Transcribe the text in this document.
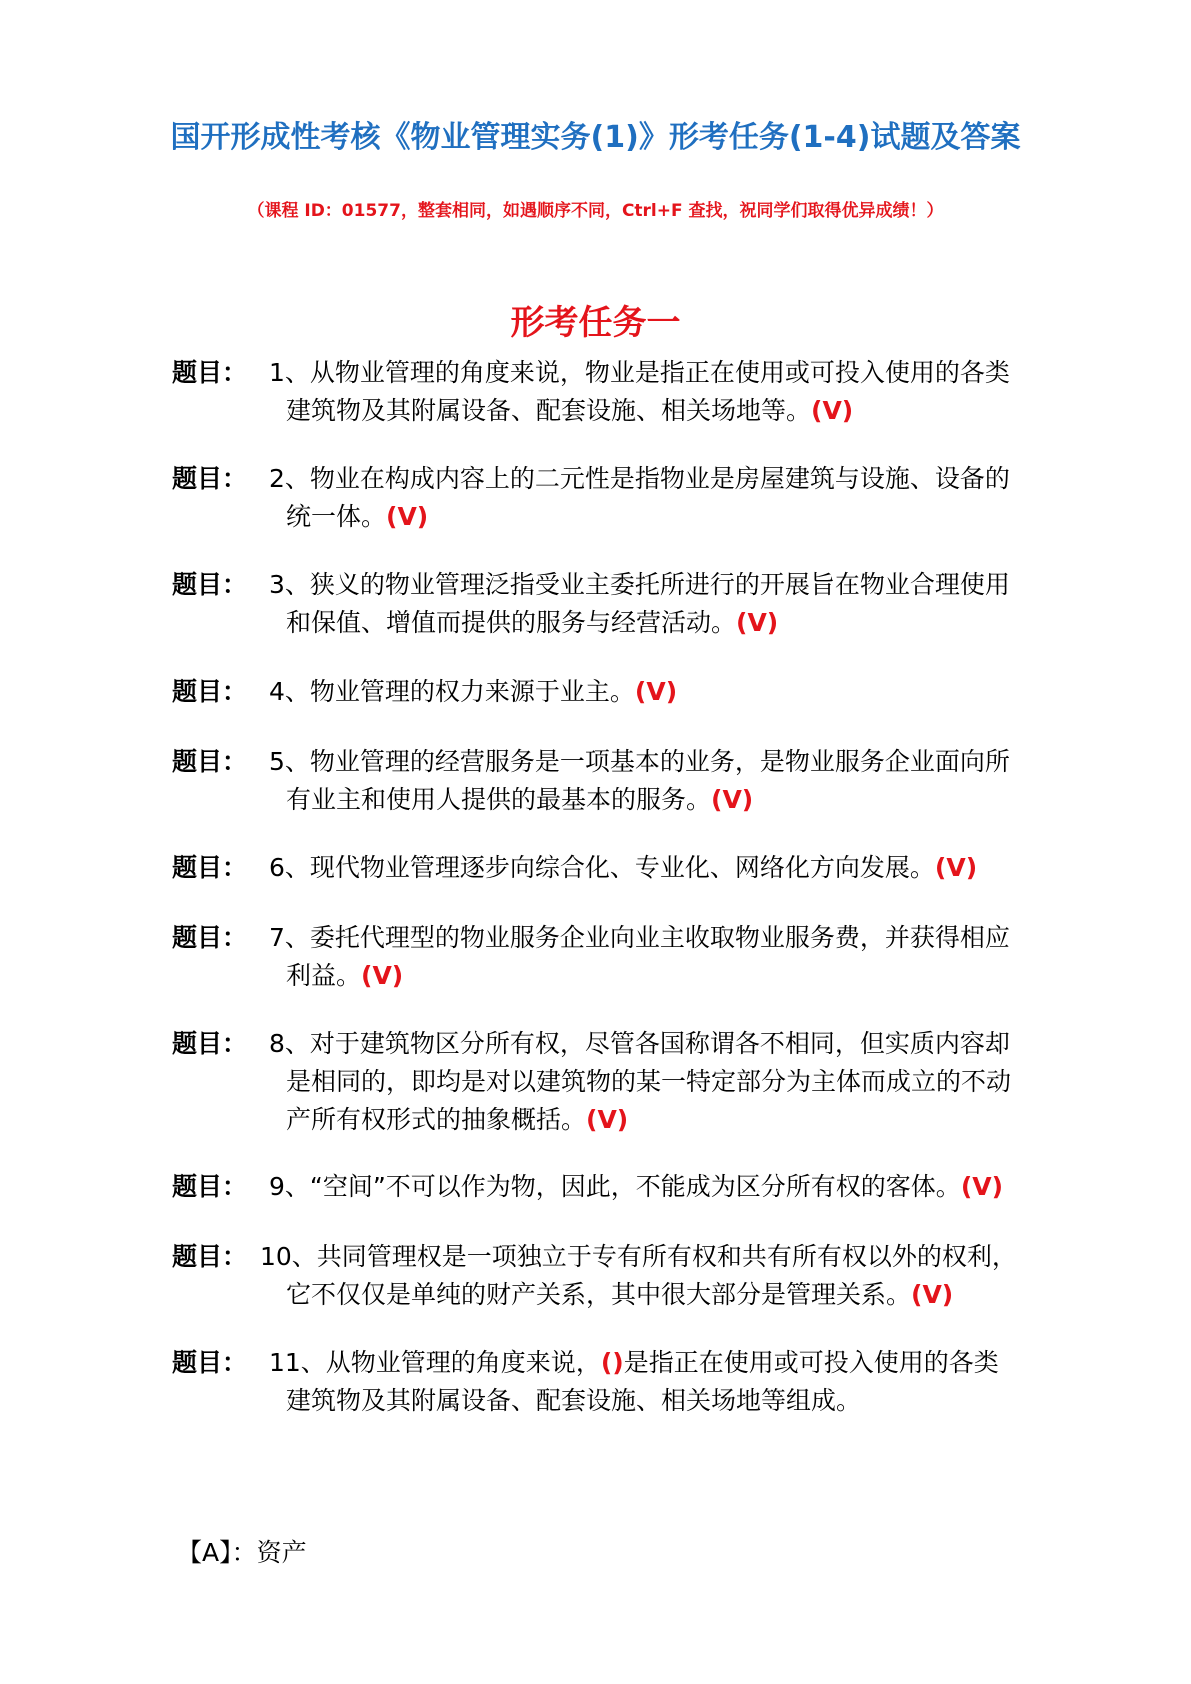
国开形成性考核《物业管理实务(1)》形考任务(1-4)试题及答案
（课程 ID：01577，整套相同，如遇顺序不同，Ctrl+F 查找，祝同学们取得优异成绩！）
形考任务一
题目： 1、从物业管理的角度来说，物业是指正在使用或可投入使用的各类
建筑物及其附属设备、配套设施、相关场地等。(V)
题目： 2、物业在构成内容上的二元性是指物业是房屋建筑与设施、设备的
统一体。(V)
题目： 3、狭义的物业管理泛指受业主委托所进行的开展旨在物业合理使用
和保值、增值而提供的服务与经营活动。(V)
题目： 4、物业管理的权力来源于业主。(V)
题目： 5、物业管理的经营服务是一项基本的业务，是物业服务企业面向所
有业主和使用人提供的最基本的服务。(V)
题目： 6、现代物业管理逐步向综合化、专业化、网络化方向发展。(V)
题目： 7、委托代理型的物业服务企业向业主收取物业服务费，并获得相应
利益。(V)
题目： 8、对于建筑物区分所有权，尽管各国称谓各不相同，但实质内容却
是相同的，即均是对以建筑物的某一特定部分为主体而成立的不动
产所有权形式的抽象概括。(V)
题目： 9、“空间”不可以作为物，因此，不能成为区分所有权的客体。(V)
题目： 10、共同管理权是一项独立于专有所有权和共有所有权以外的权利，
它不仅仅是单纯的财产关系，其中很大部分是管理关系。(V)
题目： 11、从物业管理的角度来说，()是指正在使用或可投入使用的各类
建筑物及其附属设备、配套设施、相关场地等组成。
【A】：资产
